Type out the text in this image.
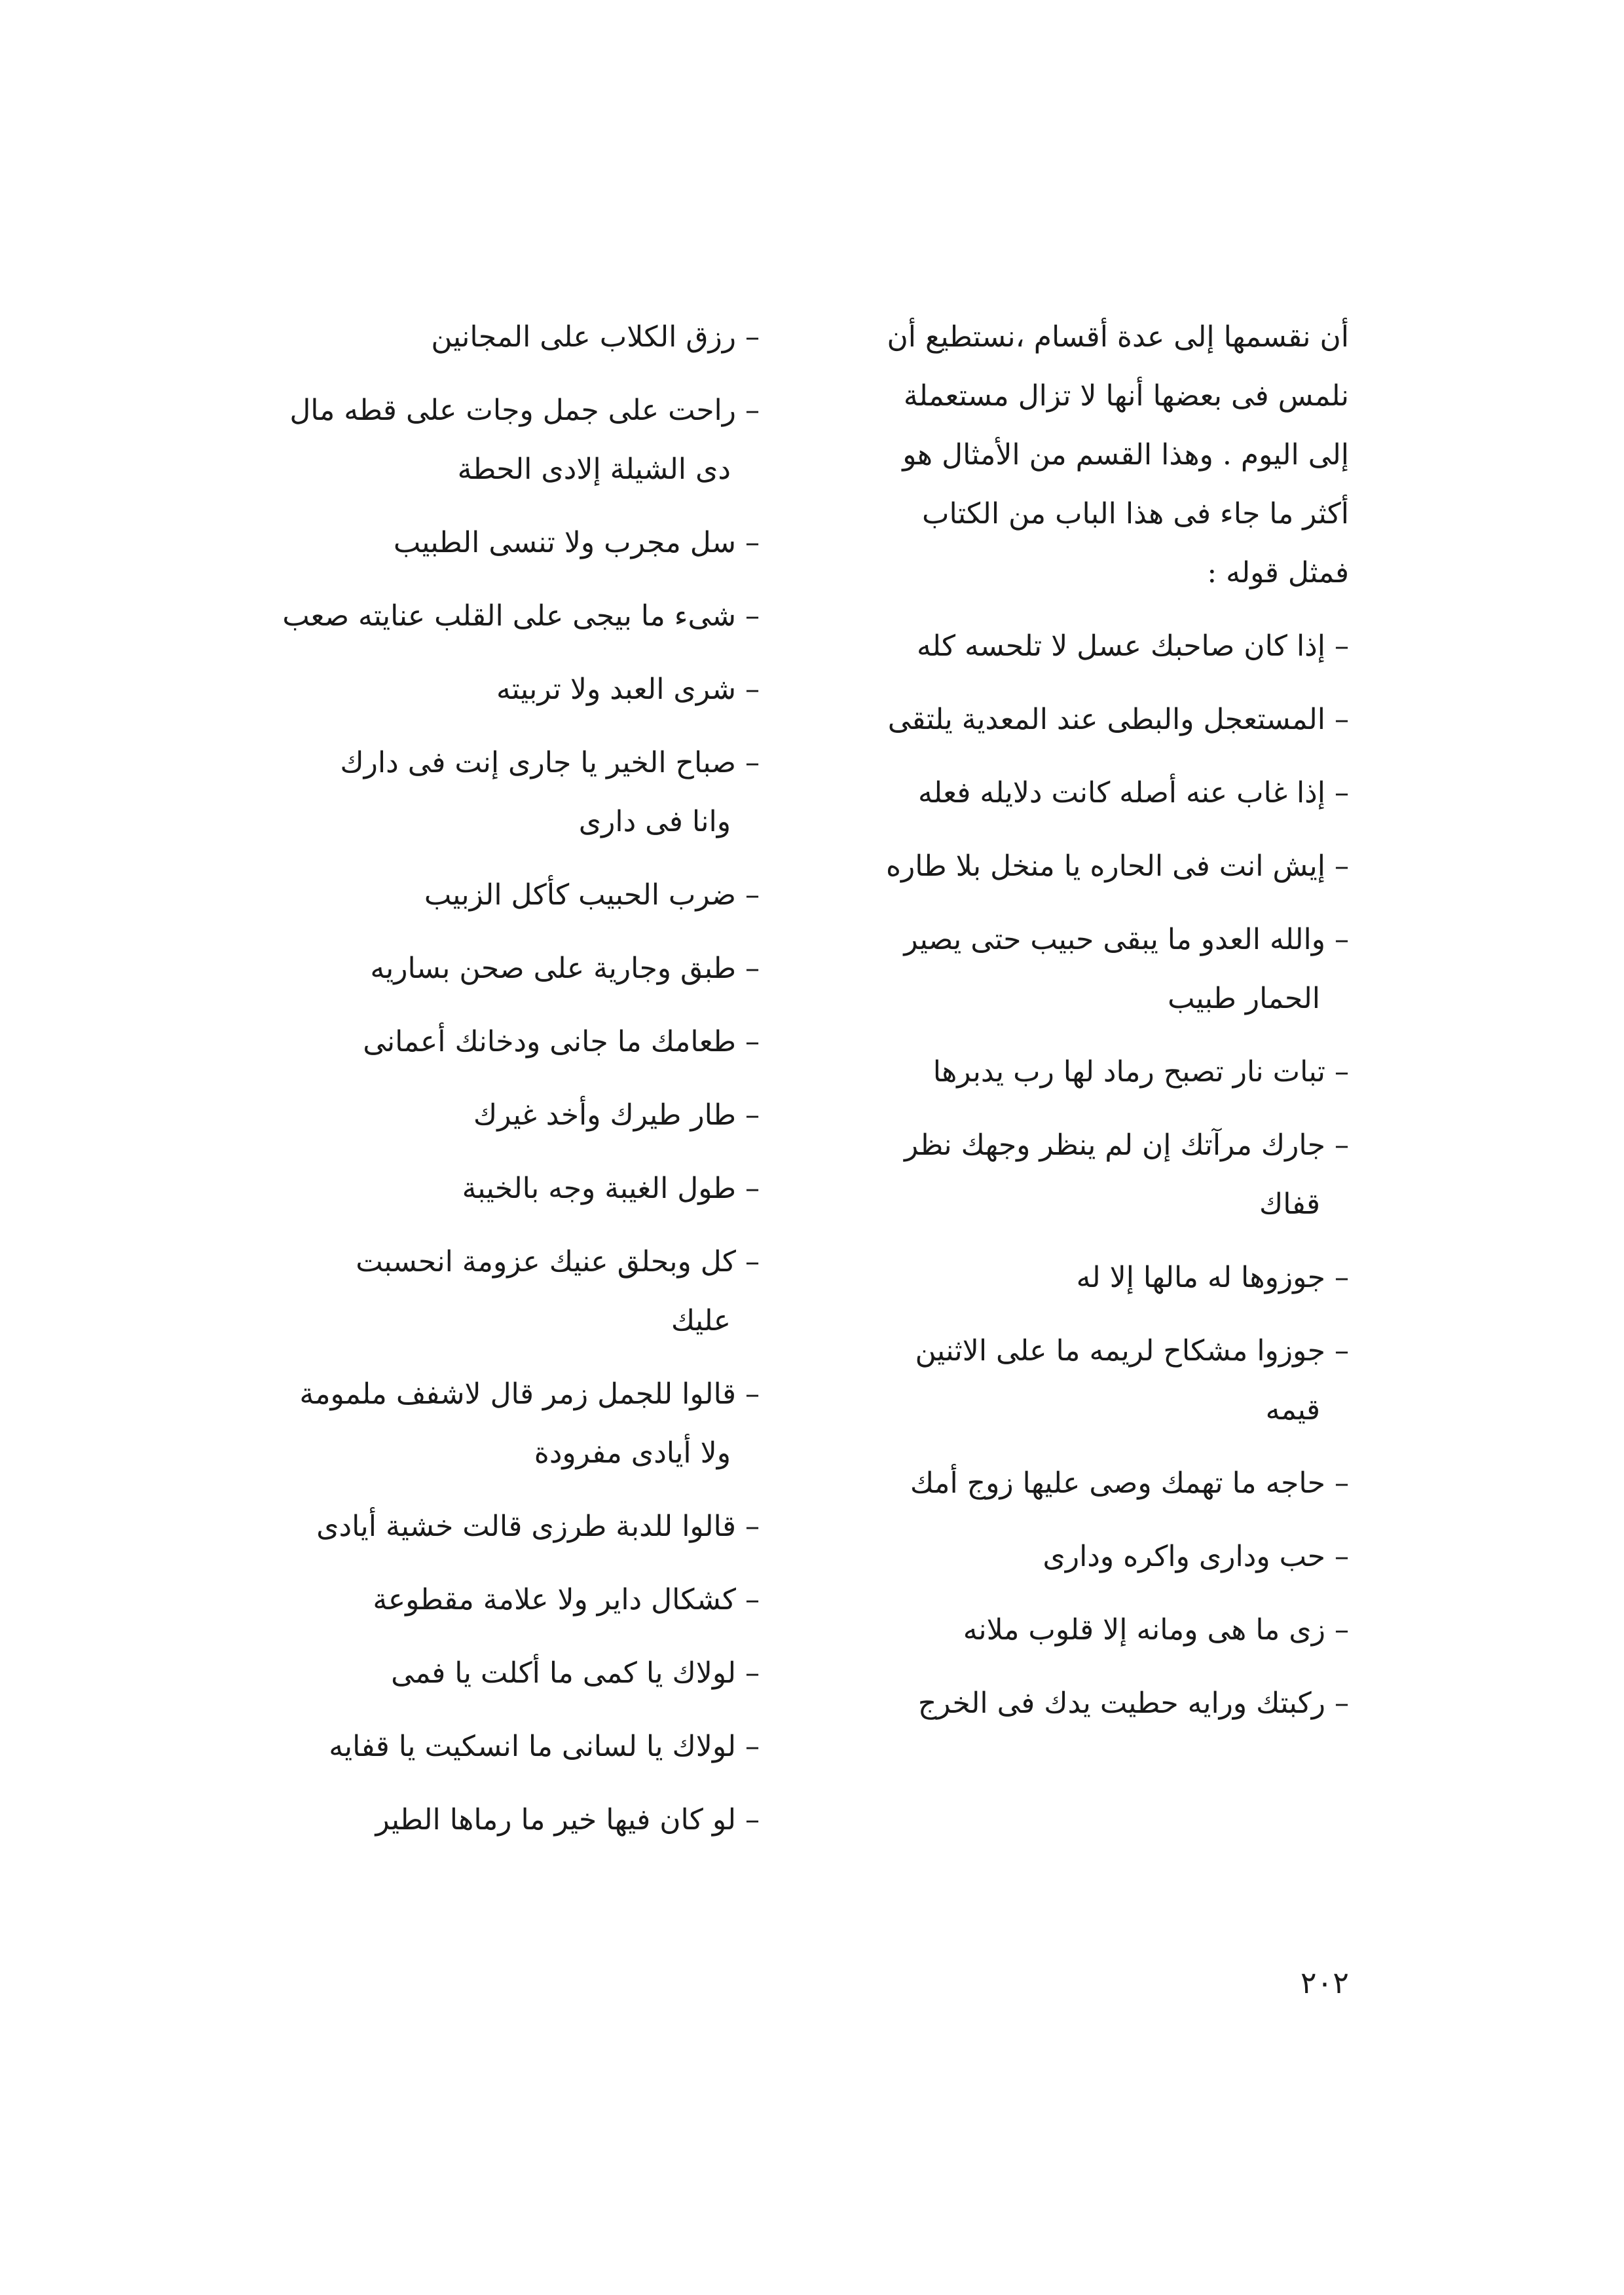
أن نقسمها إلى عدة أقسام ،نستطيع أن
نلمس فى بعضها أنها لا تزال مستعملة
إلى اليوم . وهذا القسم من الأمثال هو
أكثر ما جاء فى هذا الباب من الكتاب
فمثل قوله :
– إذا كان صاحبك عسل لا تلحسه كله
– المستعجل والبطى عند المعدية يلتقى
– إذا غاب عنه أصله كانت دلايله فعله
– إيش انت فى الحاره يا منخل بلا طاره
– والله العدو ما يبقى حبيب حتى يصير
الحمار طبيب
– تبات نار تصبح رماد لها رب يدبرها
– جارك مرآتك إن لم ينظر وجهك نظر
قفاك
– جوزوها له مالها إلا له
– جوزوا مشكاح لريمه ما على الاثنين
قيمه
– حاجه ما تهمك وصى عليها زوج أمك
– حب ودارى واكره ودارى
– زى ما هى ومانه إلا قلوب ملانه
– ركبتك ورايه حطيت يدك فى الخرج
– رزق الكلاب على المجانين
– راحت على جمل وجات على قطه مال
دى الشيلة إلادى الحطة
– سل مجرب ولا تنسى الطبيب
– شىء ما بيجى على القلب عنايته صعب
– شرى العبد ولا تربيته
– صباح الخير يا جارى إنت فى دارك
وانا فى دارى
– ضرب الحبيب كأكل الزبيب
– طبق وجارية على صحن بساريه
– طعامك ما جانى ودخانك أعمانى
– طار طيرك وأخد غيرك
– طول الغيبة وجه بالخيبة
– كل وبحلق عنيك عزومة انحسبت
عليك
– قالوا للجمل زمر قال لاشفف ملمومة
ولا أيادى مفرودة
– قالوا للدبة طرزى قالت خشية أيادى
– كشكال داير ولا علامة مقطوعة
– لولاك يا كمى ما أكلت يا فمى
– لولاك يا لسانى ما انسكيت يا قفايه
– لو كان فيها خير ما رماها الطير
٢٠٢
